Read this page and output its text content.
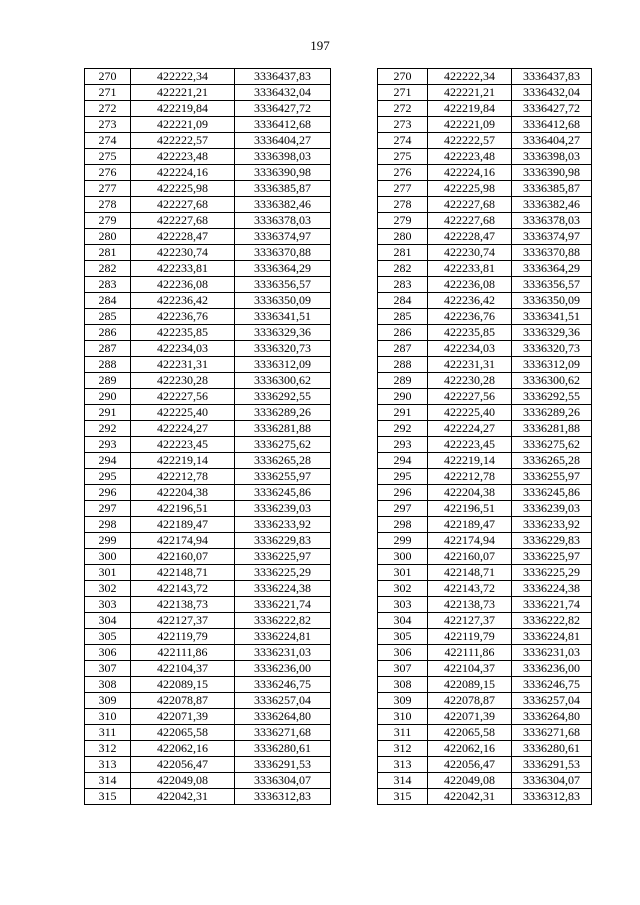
197
270	422222,34	3336437,83
271	422221,21	3336432,04
272	422219,84	3336427,72
273	422221,09	3336412,68
274	422222,57	3336404,27
275	422223,48	3336398,03
276	422224,16	3336390,98
277	422225,98	3336385,87
278	422227,68	3336382,46
279	422227,68	3336378,03
280	422228,47	3336374,97
281	422230,74	3336370,88
282	422233,81	3336364,29
283	422236,08	3336356,57
284	422236,42	3336350,09
285	422236,76	3336341,51
286	422235,85	3336329,36
287	422234,03	3336320,73
288	422231,31	3336312,09
289	422230,28	3336300,62
290	422227,56	3336292,55
291	422225,40	3336289,26
292	422224,27	3336281,88
293	422223,45	3336275,62
294	422219,14	3336265,28
295	422212,78	3336255,97
296	422204,38	3336245,86
297	422196,51	3336239,03
298	422189,47	3336233,92
299	422174,94	3336229,83
300	422160,07	3336225,97
301	422148,71	3336225,29
302	422143,72	3336224,38
303	422138,73	3336221,74
304	422127,37	3336222,82
305	422119,79	3336224,81
306	422111,86	3336231,03
307	422104,37	3336236,00
308	422089,15	3336246,75
309	422078,87	3336257,04
310	422071,39	3336264,80
311	422065,58	3336271,68
312	422062,16	3336280,61
313	422056,47	3336291,53
314	422049,08	3336304,07
315	422042,31	3336312,83
270	422222,34	3336437,83
271	422221,21	3336432,04
272	422219,84	3336427,72
273	422221,09	3336412,68
274	422222,57	3336404,27
275	422223,48	3336398,03
276	422224,16	3336390,98
277	422225,98	3336385,87
278	422227,68	3336382,46
279	422227,68	3336378,03
280	422228,47	3336374,97
281	422230,74	3336370,88
282	422233,81	3336364,29
283	422236,08	3336356,57
284	422236,42	3336350,09
285	422236,76	3336341,51
286	422235,85	3336329,36
287	422234,03	3336320,73
288	422231,31	3336312,09
289	422230,28	3336300,62
290	422227,56	3336292,55
291	422225,40	3336289,26
292	422224,27	3336281,88
293	422223,45	3336275,62
294	422219,14	3336265,28
295	422212,78	3336255,97
296	422204,38	3336245,86
297	422196,51	3336239,03
298	422189,47	3336233,92
299	422174,94	3336229,83
300	422160,07	3336225,97
301	422148,71	3336225,29
302	422143,72	3336224,38
303	422138,73	3336221,74
304	422127,37	3336222,82
305	422119,79	3336224,81
306	422111,86	3336231,03
307	422104,37	3336236,00
308	422089,15	3336246,75
309	422078,87	3336257,04
310	422071,39	3336264,80
311	422065,58	3336271,68
312	422062,16	3336280,61
313	422056,47	3336291,53
314	422049,08	3336304,07
315	422042,31	3336312,83
